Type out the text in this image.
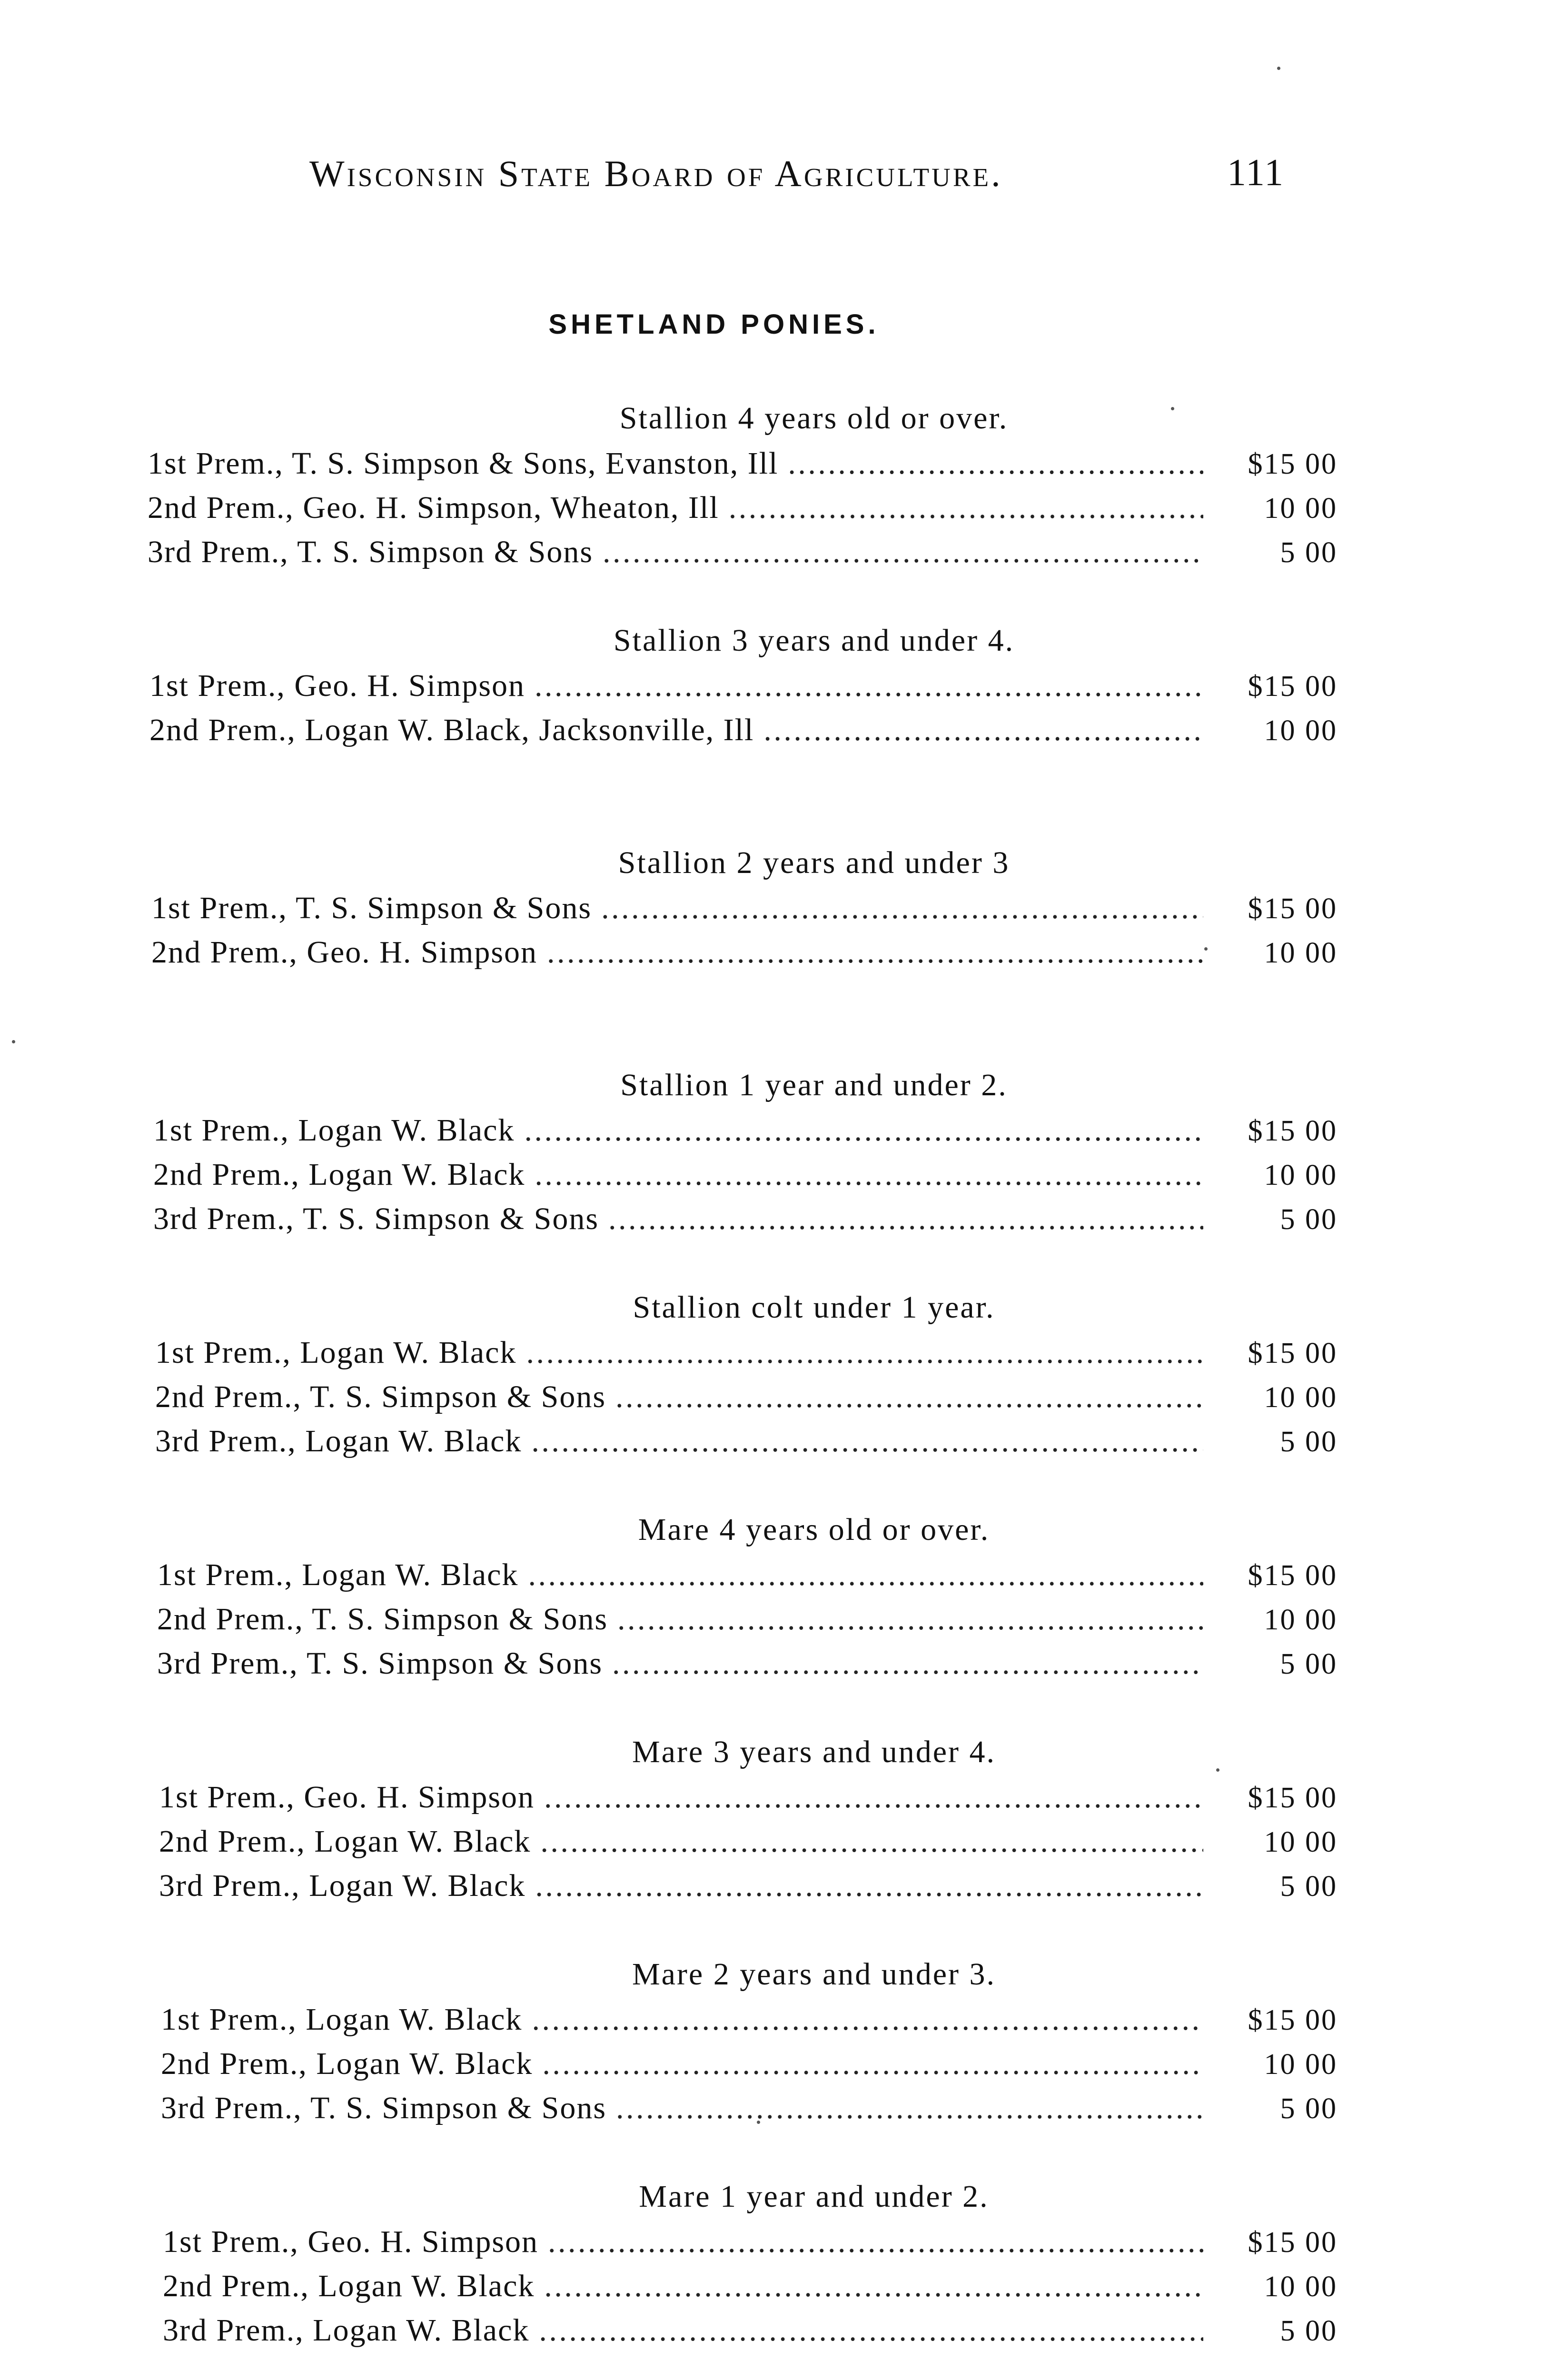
Wisconsin State Board of Agriculture.	111
SHETLAND PONIES.
Stallion 4 years old or over.
1st Prem., T. S. Simpson & Sons, Evanston, Ill . . .	$15 00
2nd Prem., Geo. H. Simpson, Wheaton, Ill . . .	10 00
3rd Prem., T. S. Simpson & Sons . . .	5 00
Stallion 3 years and under 4.
1st Prem., Geo. H. Simpson . . .	$15 00
2nd Prem., Logan W. Black, Jacksonville, Ill . . .	10 00
Stallion 2 years and under 3
1st Prem., T. S. Simpson & Sons . . .	$15 00
2nd Prem., Geo. H. Simpson . . .	10 00
Stallion 1 year and under 2.
1st Prem., Logan W. Black . . .	$15 00
2nd Prem., Logan W. Black . . .	10 00
3rd Prem., T. S. Simpson & Sons . . .	5 00
Stallion colt under 1 year.
1st Prem., Logan W. Black . . .	$15 00
2nd Prem., T. S. Simpson & Sons . . .	10 00
3rd Prem., Logan W. Black . . .	5 00
Mare 4 years old or over.
1st Prem., Logan W. Black . . .	$15 00
2nd Prem., T. S. Simpson & Sons . . .	10 00
3rd Prem., T. S. Simpson & Sons . . .	5 00
Mare 3 years and under 4.
1st Prem., Geo. H. Simpson . . .	$15 00
2nd Prem., Logan W. Black . . .	10 00
3rd Prem., Logan W. Black . . .	5 00
Mare 2 years and under 3.
1st Prem., Logan W. Black . . .	$15 00
2nd Prem., Logan W. Black . . .	10 00
3rd Prem., T. S. Simpson & Sons . . .	5 00
Mare 1 year and under 2.
1st Prem., Geo. H. Simpson . . .	$15 00
2nd Prem., Logan W. Black . . .	10 00
3rd Prem., Logan W. Black . . .	5 00
